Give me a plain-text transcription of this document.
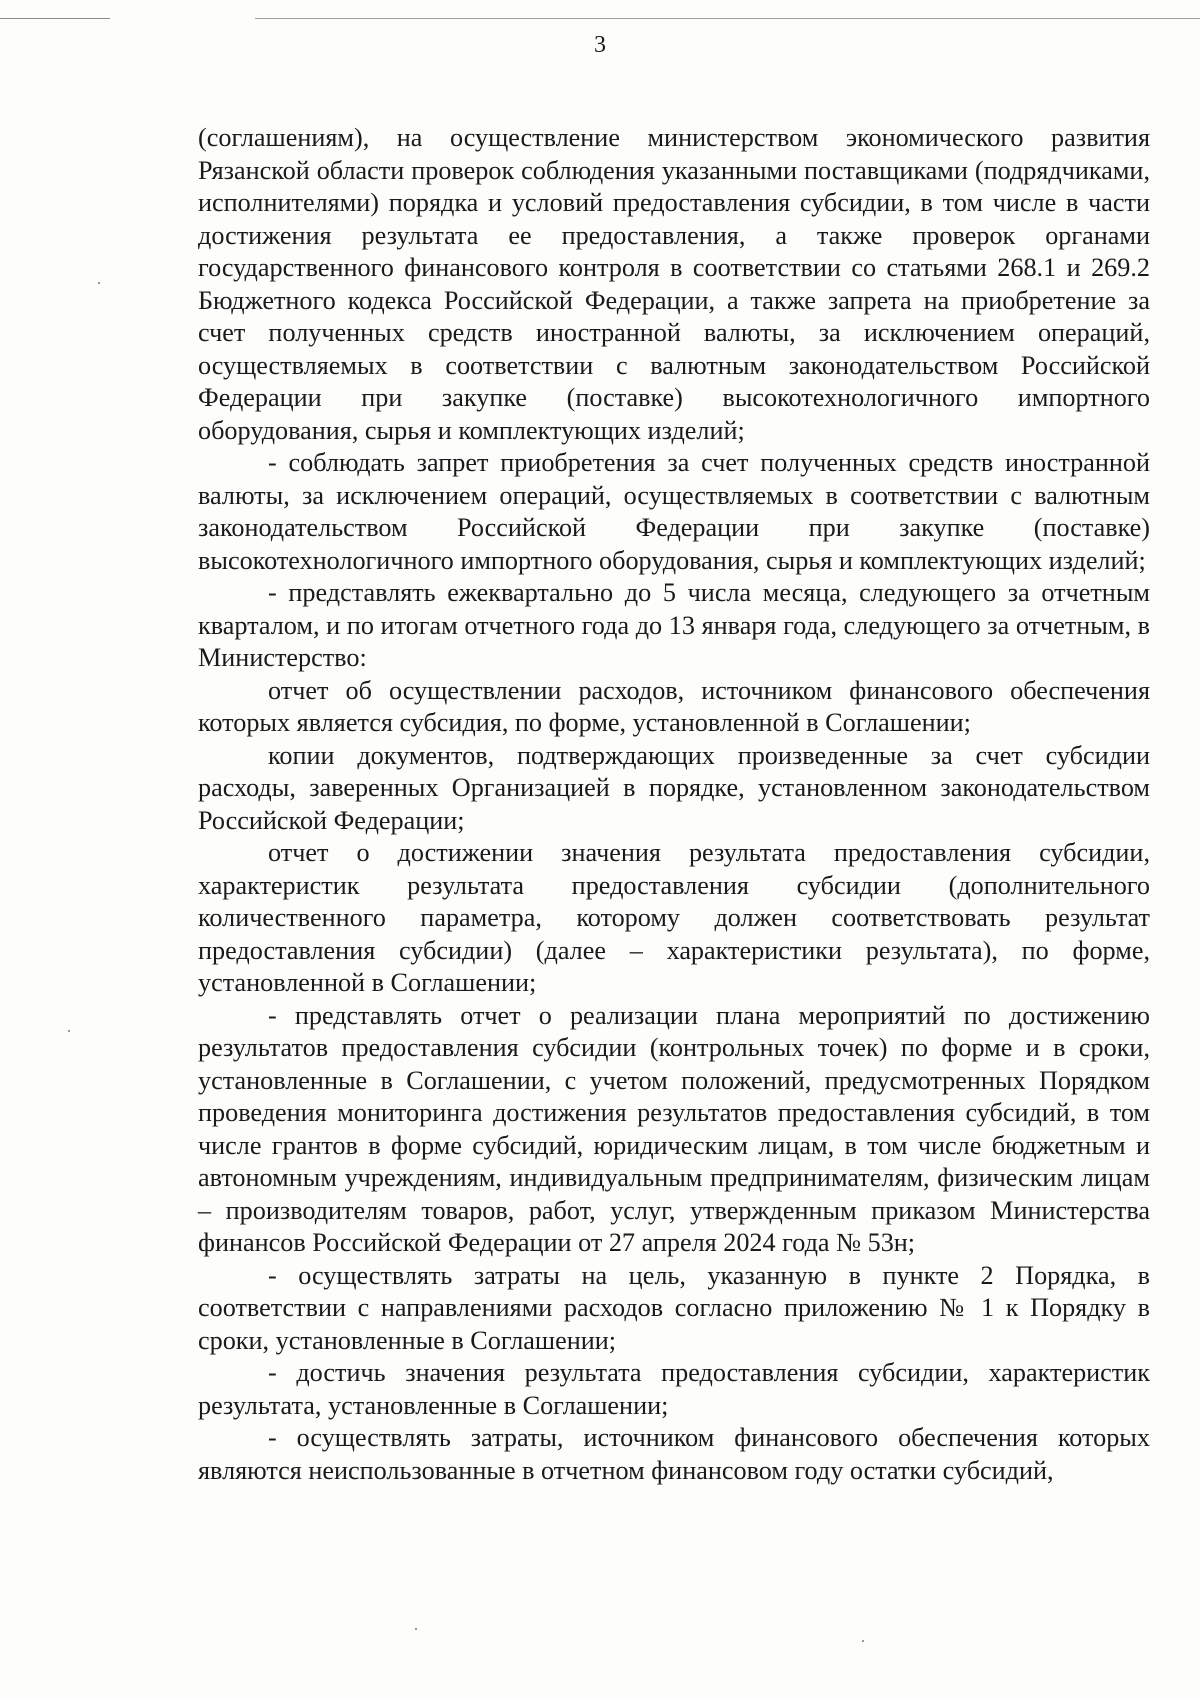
3

(соглашениям), на осуществление министерством экономического развития Рязанской области проверок соблюдения указанными поставщиками (подрядчиками, исполнителями) порядка и условий предоставления субсидии, в том числе в части достижения результата ее предоставления, а также проверок органами государственного финансового контроля в соответствии со статьями 268.1 и 269.2 Бюджетного кодекса Российской Федерации, а также запрета на приобретение за счет полученных средств иностранной валюты, за исключением операций, осуществляемых в соответствии с валютным законодательством Российской Федерации при закупке (поставке) высокотехнологичного импортного оборудования, сырья и комплектующих изделий;

- соблюдать запрет приобретения за счет полученных средств иностранной валюты, за исключением операций, осуществляемых в соответствии с валютным законодательством Российской Федерации при закупке (поставке) высокотехнологичного импортного оборудования, сырья и комплектующих изделий;

- представлять ежеквартально до 5 числа месяца, следующего за отчетным кварталом, и по итогам отчетного года до 13 января года, следующего за отчетным, в Министерство:

отчет об осуществлении расходов, источником финансового обеспечения которых является субсидия, по форме, установленной в Соглашении;

копии документов, подтверждающих произведенные за счет субсидии расходы, заверенных Организацией в порядке, установленном законодательством Российской Федерации;

отчет о достижении значения результата предоставления субсидии, характеристик результата предоставления субсидии (дополнительного количественного параметра, которому должен соответствовать результат предоставления субсидии) (далее – характеристики результата), по форме, установленной в Соглашении;

- представлять отчет о реализации плана мероприятий по достижению результатов предоставления субсидии (контрольных точек) по форме и в сроки, установленные в Соглашении, с учетом положений, предусмотренных Порядком проведения мониторинга достижения результатов предоставления субсидий, в том числе грантов в форме субсидий, юридическим лицам, в том числе бюджетным и автономным учреждениям, индивидуальным предпринимателям, физическим лицам – производителям товаров, работ, услуг, утвержденным приказом Министерства финансов Российской Федерации от 27 апреля 2024 года № 53н;

- осуществлять затраты на цель, указанную в пункте 2 Порядка, в соответствии с направлениями расходов согласно приложению № 1 к Порядку в сроки, установленные в Соглашении;

- достичь значения результата предоставления субсидии, характеристик результата, установленные в Соглашении;

- осуществлять затраты, источником финансового обеспечения которых являются неиспользованные в отчетном финансовом году остатки субсидий,
